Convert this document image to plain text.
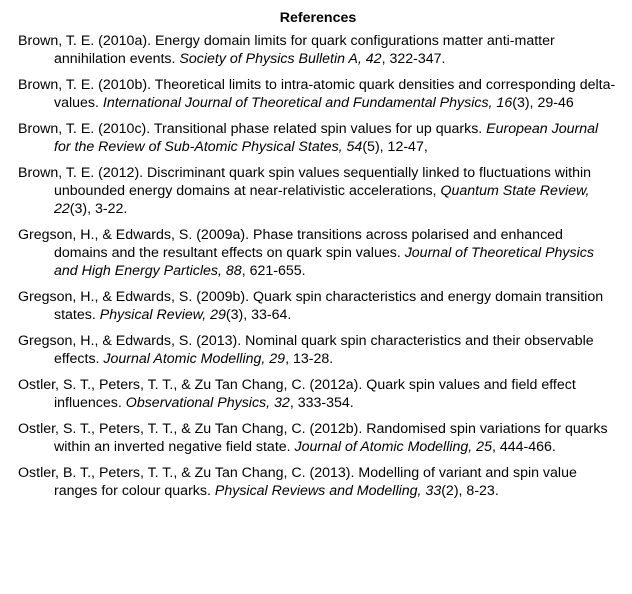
References
Brown, T. E. (2010a). Energy domain limits for quark configurations matter anti-matter annihilation events. Society of Physics Bulletin A, 42, 322-347.
Brown, T. E. (2010b). Theoretical limits to intra-atomic quark densities and corresponding delta-values. International Journal of Theoretical and Fundamental Physics, 16(3), 29-46
Brown, T. E. (2010c). Transitional phase related spin values for up quarks. European Journal for the Review of Sub-Atomic Physical States, 54(5), 12-47,
Brown, T. E. (2012). Discriminant quark spin values sequentially linked to fluctuations within unbounded energy domains at near-relativistic accelerations, Quantum State Review, 22(3), 3-22.
Gregson, H., & Edwards, S. (2009a). Phase transitions across polarised and enhanced domains and the resultant effects on quark spin values. Journal of Theoretical Physics and High Energy Particles, 88, 621-655.
Gregson, H., & Edwards, S. (2009b). Quark spin characteristics and energy domain transition states. Physical Review, 29(3), 33-64.
Gregson, H., & Edwards, S. (2013). Nominal quark spin characteristics and their observable effects. Journal Atomic Modelling, 29, 13-28.
Ostler, S. T., Peters, T. T., & Zu Tan Chang, C. (2012a). Quark spin values and field effect influences. Observational Physics, 32, 333-354.
Ostler, S. T., Peters, T. T., & Zu Tan Chang, C. (2012b). Randomised spin variations for quarks within an inverted negative field state. Journal of Atomic Modelling, 25, 444-466.
Ostler, B. T., Peters, T. T., & Zu Tan Chang, C. (2013). Modelling of variant and spin value ranges for colour quarks. Physical Reviews and Modelling, 33(2), 8-23.
